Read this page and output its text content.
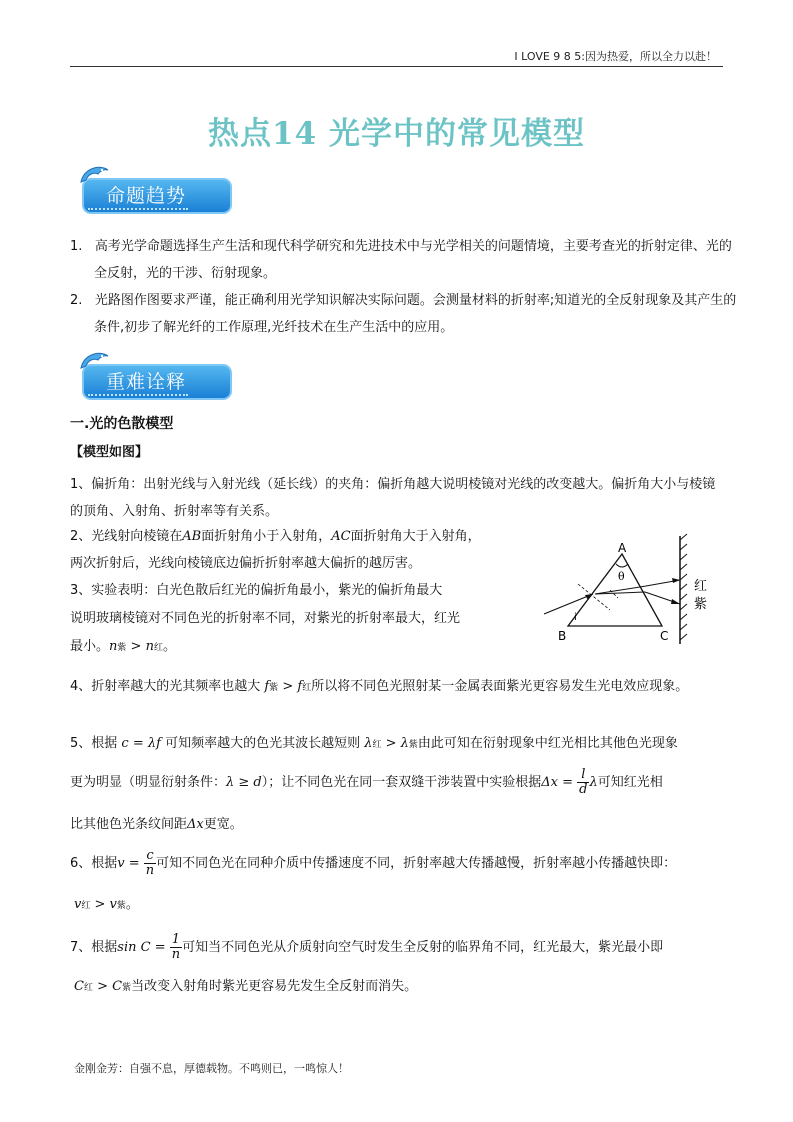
I LOVE 9 8 5:因为热爱，所以全力以赴！
热点14 光学中的常见模型
命题趋势
1. 高考光学命题选择生产生活和现代科学研究和先进技术中与光学相关的问题情境，主要考查光的折射定律、光的全反射，光的干涉、衍射现象。
2. 光路图作图要求严谨，能正确利用光学知识解决实际问题。会测量材料的折射率;知道光的全反射现象及其产生的条件,初步了解光纤的工作原理,光纤技术在生产生活中的应用。
重难诠释
一.光的色散模型
【模型如图】
1、偏折角：出射光线与入射光线（延长线）的夹角：偏折角越大说明棱镜对光线的改变越大。偏折角大小与棱镜的顶角、入射角、折射率等有关系。
2、光线射向棱镜在AB面折射角小于入射角，AC面折射角大于入射角，
两次折射后，光线向棱镜底边偏折折射率越大偏折的越厉害。
3、实验表明：白光色散后红光的偏折角最小，紫光的偏折角最大
说明玻璃棱镜对不同色光的折射率不同，对紫光的折射率最大，红光
最小。n紫 > n红。
A
B	C
θ
i
红
紫
4、折射率越大的光其频率也越大 f紫 > f红所以将不同色光照射某一金属表面紫光更容易发生光电效应现象。
5、根据 c = λf 可知频率越大的色光其波长越短则 λ红 > λ紫由此可知在衍射现象中红光相比其他色光现象
更为明显（明显衍射条件：λ ≥ d）；让不同色光在同一套双缝干涉装置中实验根据$\Delta x = \frac{l}{d}$ λ可知红光相
比其他色光条纹间距Δx更宽。
6、根据$v = \frac{c}{n}$ 可知不同色光在同种介质中传播速度不同，折射率越大传播越慢，折射率越小传播越快即：
v红 > v紫。
7、根据$\sin C = \frac{1}{n}$ 可知当不同色光从介质射向空气时发生全反射的临界角不同，红光最大，紫光最小即
C红 > C紫当改变入射角时紫光更容易先发生全反射而消失。
金刚金芳：自强不息，厚德载物。不鸣则已，一鸣惊人！
